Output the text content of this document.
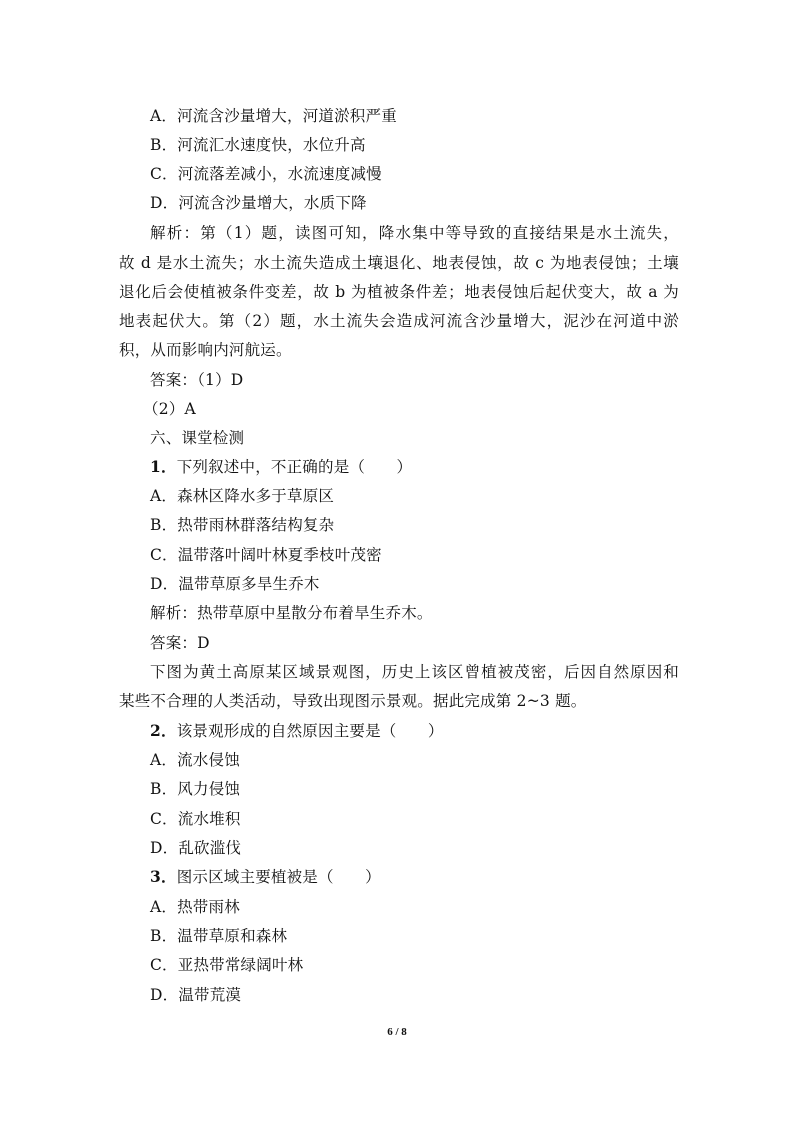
A．河流含沙量增大，河道淤积严重
B．河流汇水速度快，水位升高
C．河流落差减小，水流速度减慢
D．河流含沙量增大，水质下降
解析：第（1）题，读图可知，降水集中等导致的直接结果是水土流失，
故 d 是水土流失；水土流失造成土壤退化、地表侵蚀，故 c 为地表侵蚀；土壤
退化后会使植被条件变差，故 b 为植被条件差；地表侵蚀后起伏变大，故 a 为
地表起伏大。第（2）题，水土流失会造成河流含沙量增大，泥沙在河道中淤
积，从而影响内河航运。
答案：（1）D
（2）A
六、课堂检测
1．下列叙述中，不正确的是（　　）
A．森林区降水多于草原区
B．热带雨林群落结构复杂
C．温带落叶阔叶林夏季枝叶茂密
D．温带草原多旱生乔木
解析：热带草原中星散分布着旱生乔木。
答案：D
下图为黄土高原某区域景观图，历史上该区曾植被茂密，后因自然原因和
某些不合理的人类活动，导致出现图示景观。据此完成第 2~3 题。
2．该景观形成的自然原因主要是（　　）
A．流水侵蚀
B．风力侵蚀
C．流水堆积
D．乱砍滥伐
3．图示区域主要植被是（　　）
A．热带雨林
B．温带草原和森林
C．亚热带常绿阔叶林
D．温带荒漠
6 / 8
